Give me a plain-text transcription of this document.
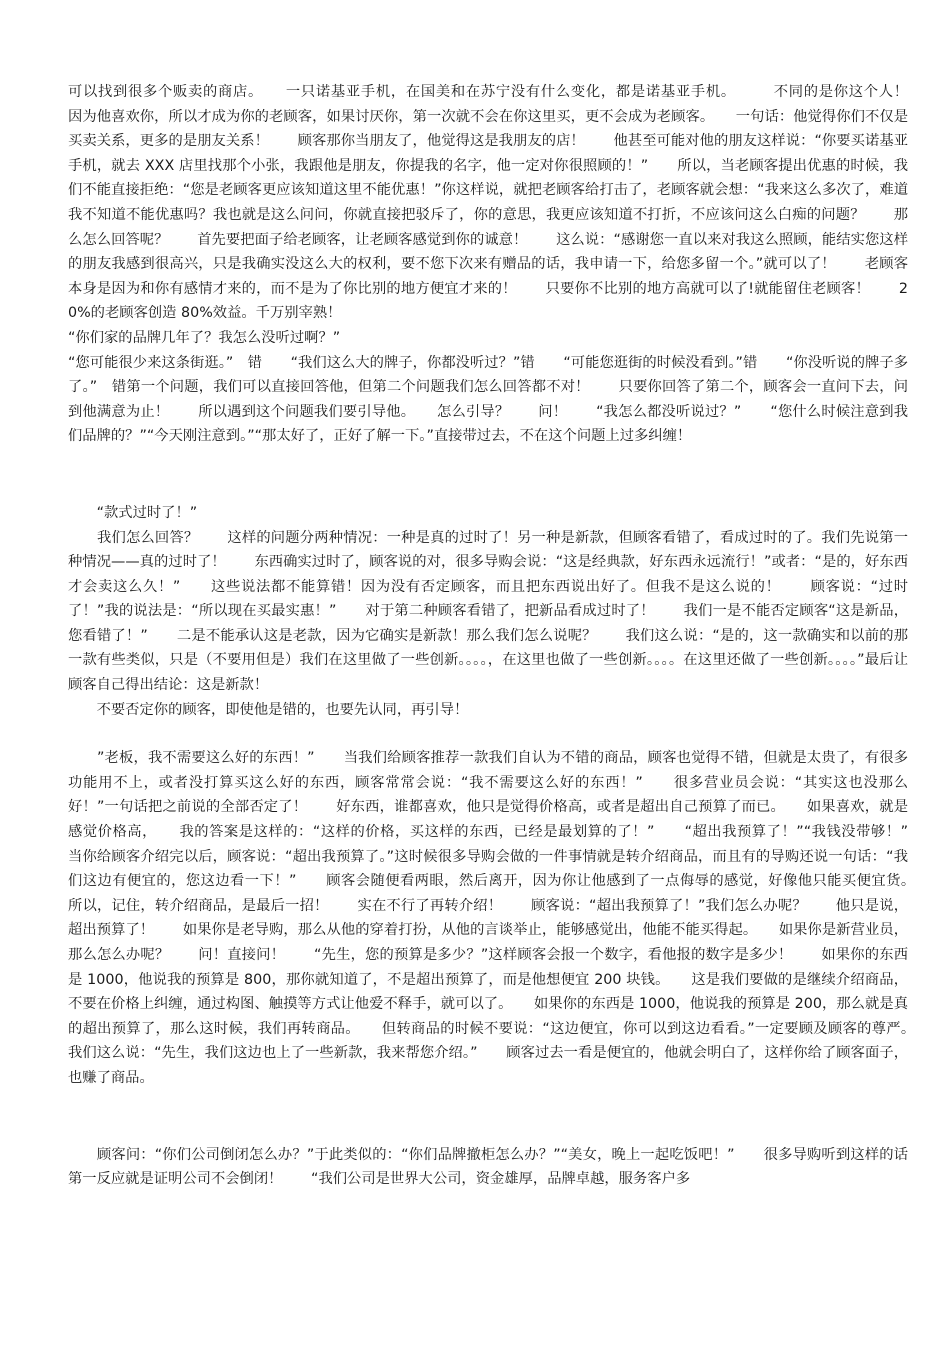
可以找到很多个贩卖的商店。　　一只诺基亚手机，在国美和在苏宁没有什么变化，都是诺基亚手机。　　　不同的是你这个人！　　因为他喜欢你，所以才成为你的老顾客，如果讨厌你，第一次就不会在你这里买，更不会成为老顾客。　　一句话：他觉得你们不仅是买卖关系，更多的是朋友关系！　　顾客那你当朋友了，他觉得这是我朋友的店！　　他甚至可能对他的朋友这样说：“你要买诺基亚手机，就去 XXX 店里找那个小张，我跟他是朋友，你提我的名字，他一定对你很照顾的！”　　所以，当老顾客提出优惠的时候，我们不能直接拒绝：“您是老顾客更应该知道这里不能优惠！”你这样说，就把老顾客给打击了，老顾客就会想：“我来这么多次了，难道我不知道不能优惠吗？我也就是这么问问，你就直接把驳斥了，你的意思，我更应该知道不打折，不应该问这么白痴的问题？　　那么怎么回答呢？　　首先要把面子给老顾客，让老顾客感觉到你的诚意！　　这么说：“感谢您一直以来对我这么照顾，能结实您这样的朋友我感到很高兴，只是我确实没这么大的权利，要不您下次来有赠品的话，我申请一下，给您多留一个。”就可以了！　　老顾客本身是因为和你有感情才来的，而不是为了你比别的地方便宜才来的！　　只要你不比别的地方高就可以了!就能留住老顾客！　　20%的老顾客创造 80%效益。千万别宰熟！

“你们家的品牌几年了？我怎么没听过啊？”

“您可能很少来这条街逛。”　错　　“我们这么大的牌子，你都没听过？”错　　“可能您逛街的时候没看到。”错　　“你没听说的牌子多了。”　错第一个问题，我们可以直接回答他，但第二个问题我们怎么回答都不对！　　只要你回答了第二个，顾客会一直问下去，问到他满意为止！　　所以遇到这个问题我们要引导他。　　怎么引导？　　问！　　“我怎么都没听说过？”　　“您什么时候注意到我们品牌的？”“今天刚注意到。”“那太好了，正好了解一下。”直接带过去，不在这个问题上过多纠缠！

　　“款式过时了！”

　　我们怎么回答？　　这样的问题分两种情况：一种是真的过时了！另一种是新款，但顾客看错了，看成过时的了。我们先说第一种情况——真的过时了！　　东西确实过时了，顾客说的对，很多导购会说：“这是经典款，好东西永远流行！”或者：“是的，好东西才会卖这么久！”　　这些说法都不能算错！因为没有否定顾客，而且把东西说出好了。但我不是这么说的！　　顾客说：“过时了！”我的说法是：“所以现在买最实惠！”　　对于第二种顾客看错了，把新品看成过时了！　　我们一是不能否定顾客“这是新品，您看错了！”　　二是不能承认这是老款，因为它确实是新款！那么我们怎么说呢？　　我们这么说：“是的，这一款确实和以前的那一款有些类似，只是（不要用但是）我们在这里做了一些创新。。。。，在这里也做了一些创新。。。。在这里还做了一些创新。。。。”最后让顾客自己得出结论：这是新款！

　　不要否定你的顾客，即使他是错的，也要先认同，再引导！

　　”老板，我不需要这么好的东西！”　　当我们给顾客推荐一款我们自认为不错的商品，顾客也觉得不错，但就是太贵了，有很多功能用不上，或者没打算买这么好的东西，顾客常常会说：“我不需要这么好的东西！”　　很多营业员会说：“其实这也没那么好！”一句话把之前说的全部否定了！　　好东西，谁都喜欢，他只是觉得价格高，或者是超出自己预算了而已。　　如果喜欢，就是感觉价格高，　　我的答案是这样的：“这样的价格，买这样的东西，已经是最划算的了！”　　“超出我预算了！”“我钱没带够！”　　当你给顾客介绍完以后，顾客说：“超出我预算了。”这时候很多导购会做的一件事情就是转介绍商品，而且有的导购还说一句话：“我们这边有便宜的，您这边看一下！”　　顾客会随便看两眼，然后离开，因为你让他感到了一点侮辱的感觉，好像他只能买便宜货。　　所以，记住，转介绍商品，是最后一招！　　实在不行了再转介绍！　　顾客说：“超出我预算了！”我们怎么办呢？　　他只是说，超出预算了！　　如果你是老导购，那么从他的穿着打扮，从他的言谈举止，能够感觉出，他能不能买得起。　　如果你是新营业员，那么怎么办呢？　　问！直接问！　　“先生，您的预算是多少？”这样顾客会报一个数字，看他报的数字是多少！　　如果你的东西是 1000，他说我的预算是 800，那你就知道了，不是超出预算了，而是他想便宜 200 块钱。　　这是我们要做的是继续介绍商品，不要在价格上纠缠，通过构图、触摸等方式让他爱不释手，就可以了。　　如果你的东西是 1000，他说我的预算是 200，那么就是真的超出预算了，那么这时候，我们再转商品。　　但转商品的时候不要说：“这边便宜，你可以到这边看看。”一定要顾及顾客的尊严。　　我们这么说：“先生，我们这边也上了一些新款，我来帮您介绍。”　　顾客过去一看是便宜的，他就会明白了，这样你给了顾客面子，也赚了商品。

　　顾客问：“你们公司倒闭怎么办？”于此类似的：“你们品牌撤柜怎么办？”“美女，晚上一起吃饭吧！”　　很多导购听到这样的话第一反应就是证明公司不会倒闭！　　“我们公司是世界大公司，资金雄厚，品牌卓越，服务客户多
